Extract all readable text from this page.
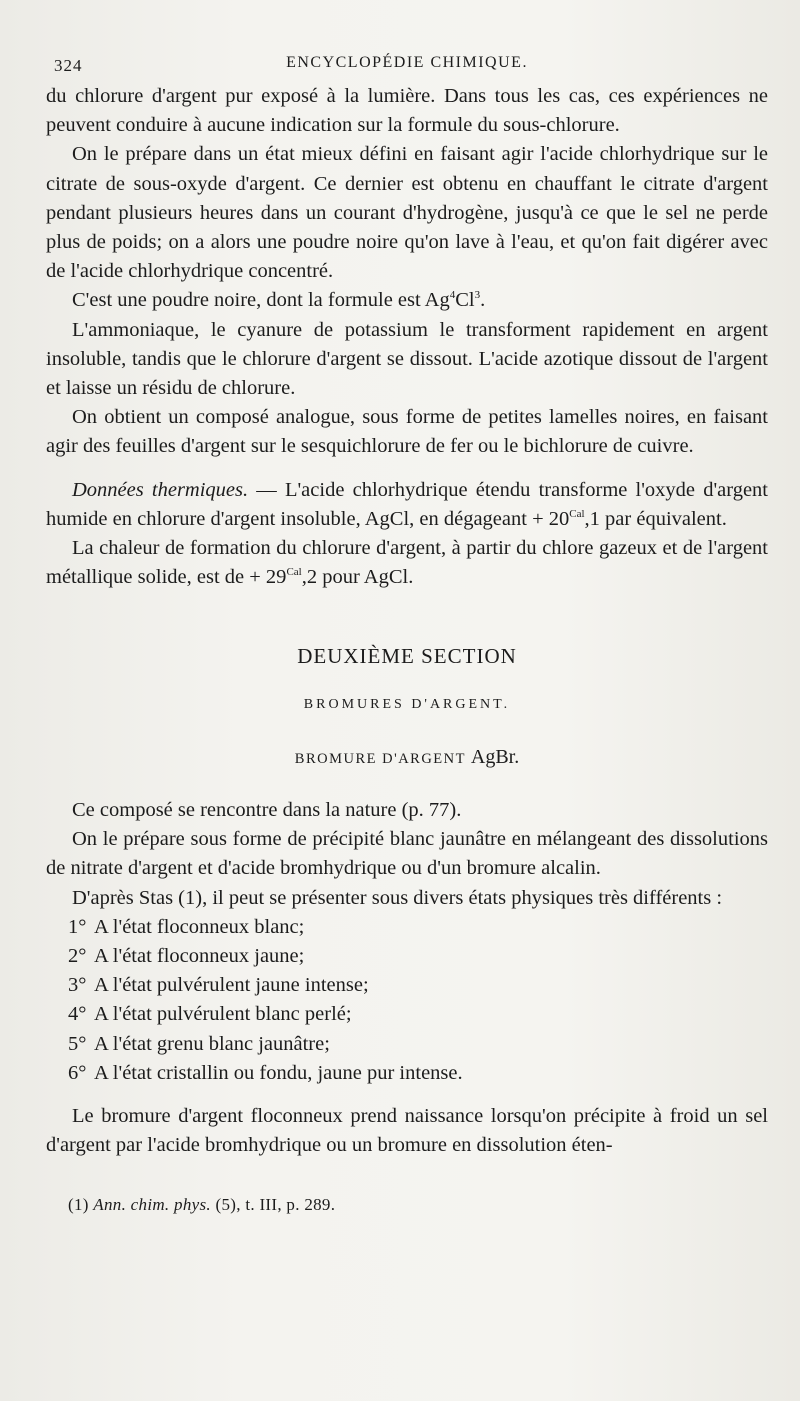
324	ENCYCLOPÉDIE CHIMIQUE.

du chlorure d'argent pur exposé à la lumière. Dans tous les cas, ces expériences ne peuvent conduire à aucune indication sur la formule du sous-chlorure.

On le prépare dans un état mieux défini en faisant agir l'acide chlorhydrique sur le citrate de sous-oxyde d'argent. Ce dernier est obtenu en chauffant le citrate d'argent pendant plusieurs heures dans un courant d'hydrogène, jusqu'à ce que le sel ne perde plus de poids; on a alors une poudre noire qu'on lave à l'eau, et qu'on fait digérer avec de l'acide chlorhydrique concentré.

C'est une poudre noire, dont la formule est Ag$^4$Cl$^3$.

L'ammoniaque, le cyanure de potassium le transforment rapidement en argent insoluble, tandis que le chlorure d'argent se dissout. L'acide azotique dissout de l'argent et laisse un résidu de chlorure.

On obtient un composé analogue, sous forme de petites lamelles noires, en faisant agir des feuilles d'argent sur le sesquichlorure de fer ou le bichlorure de cuivre.

Données thermiques. — L'acide chlorhydrique étendu transforme l'oxyde d'argent humide en chlorure d'argent insoluble, AgCl, en dégageant + $20^{Cal},1$ par équivalent.

La chaleur de formation du chlorure d'argent, à partir du chlore gazeux et de l'argent métallique solide, est de + $29^{Cal},2$ pour AgCl.

DEUXIÈME SECTION
BROMURES D'ARGENT.
BROMURE D'ARGENT AgBr.

Ce composé se rencontre dans la nature (p. 77).

On le prépare sous forme de précipité blanc jaunâtre en mélangeant des dissolutions de nitrate d'argent et d'acide bromhydrique ou d'un bromure alcalin.

D'après Stas (1), il peut se présenter sous divers états physiques très différents :

1° A l'état floconneux blanc;
2° A l'état floconneux jaune;
3° A l'état pulvérulent jaune intense;
4° A l'état pulvérulent blanc perlé;
5° A l'état grenu blanc jaunâtre;
6° A l'état cristallin ou fondu, jaune pur intense.

Le bromure d'argent floconneux prend naissance lorsqu'on précipite à froid un sel d'argent par l'acide bromhydrique ou un bromure en dissolution éten-

(1) Ann. chim. phys. (5), t. III, p. 289.
